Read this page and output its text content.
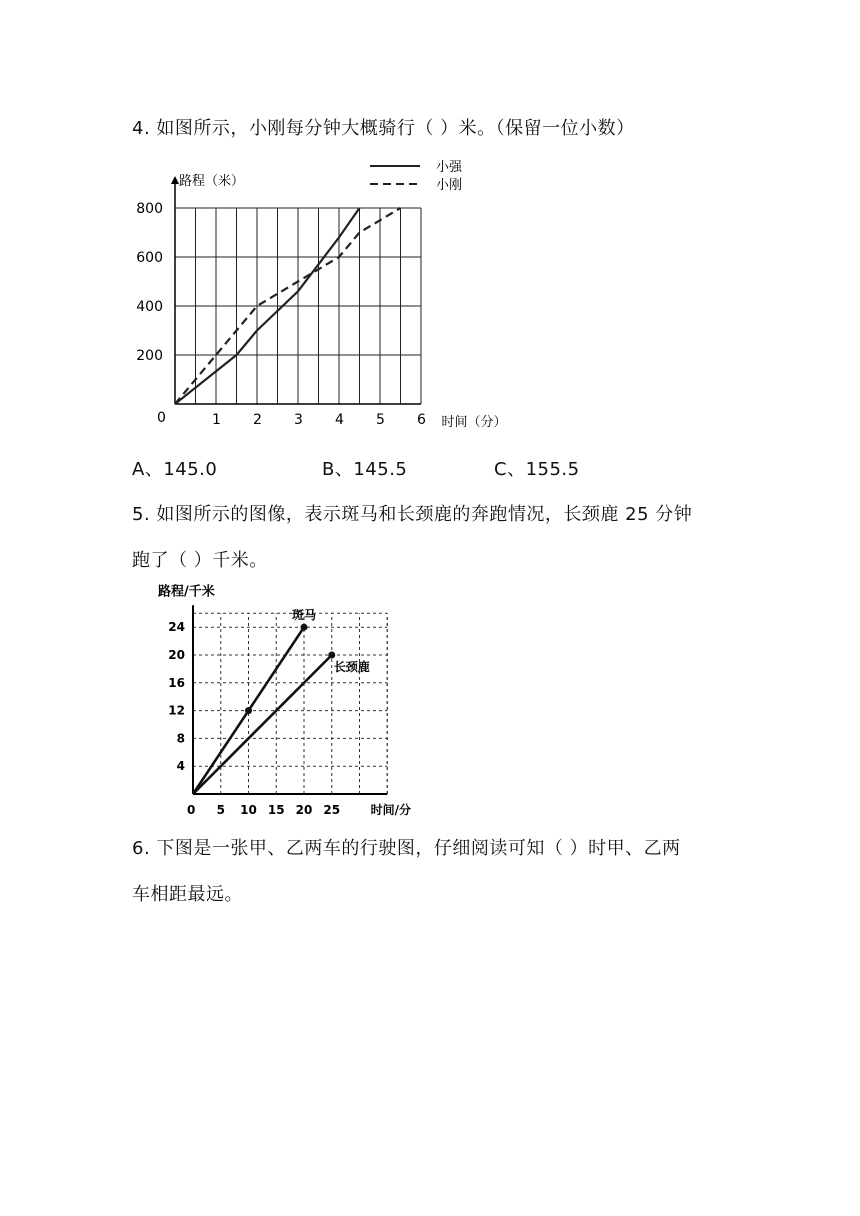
4. 如图所示，小刚每分钟大概骑行（ ）米。（保留一位小数）
路程（米）
时间（分）
0	1 2 3 4 5 6
200
400
600
800
小强
小刚
A、145.0	B、145.5	C、155.5
5. 如图所示的图像，表示斑马和长颈鹿的奔跑情况，长颈鹿 25 分钟
跑了（ ）千米。
路程/千米
时间/分
0 5 10 15 20 25
4
8
12
16
20
24
斑马
长颈鹿
6. 下图是一张甲、乙两车的行驶图，仔细阅读可知（ ）时甲、乙两
车相距最远。
